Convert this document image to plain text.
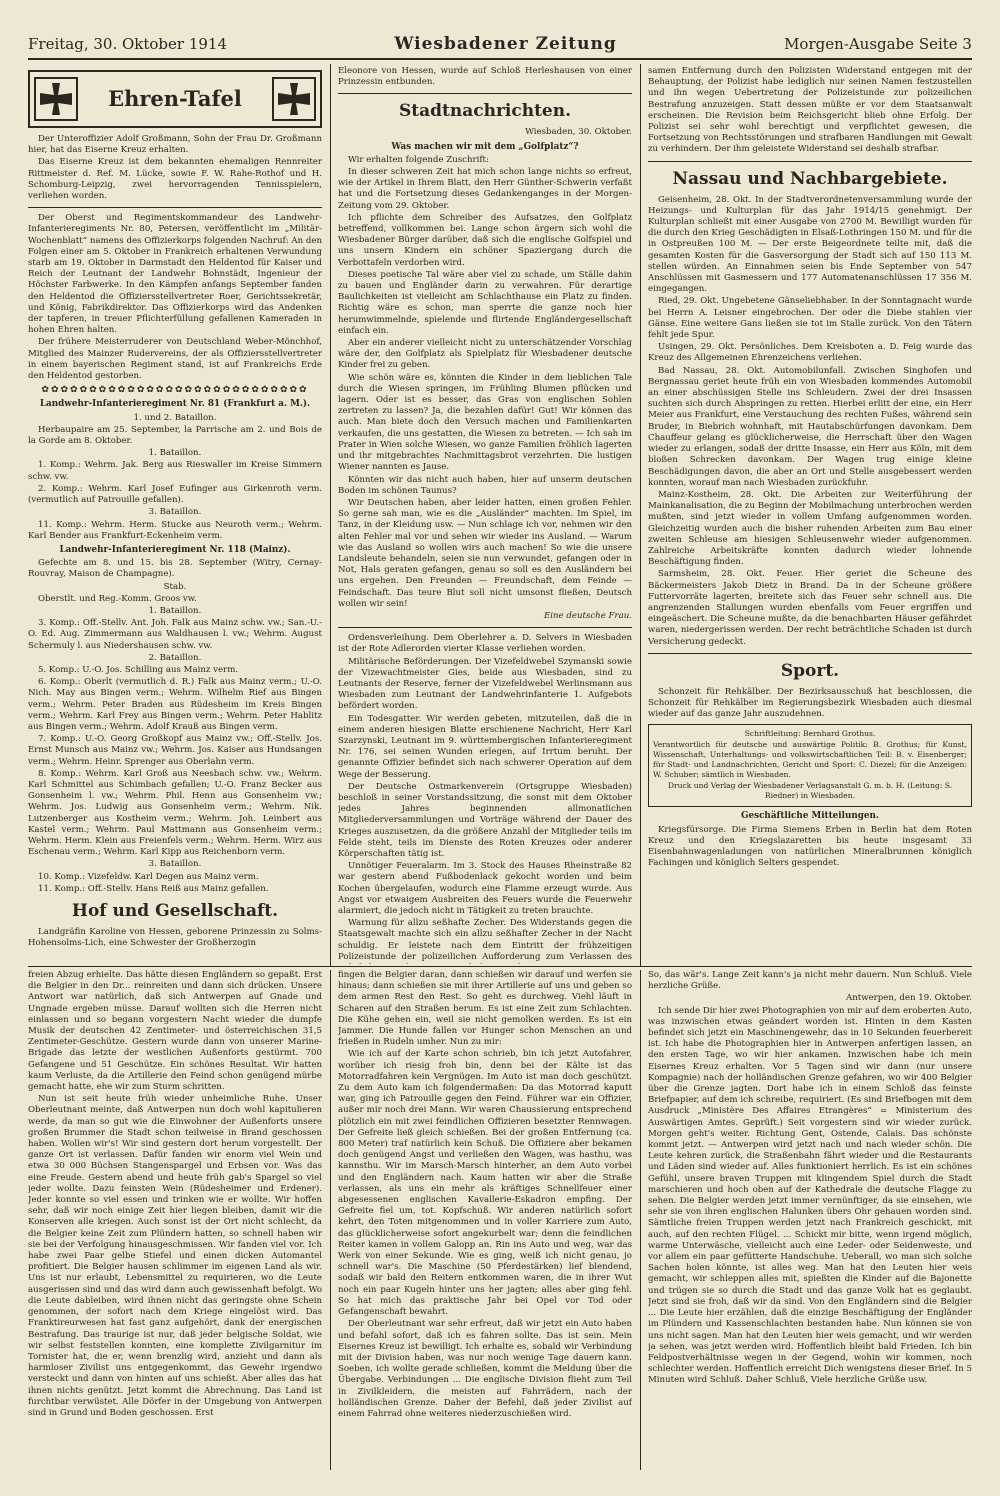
Freitag, 30. Oktober 1914	Wiesbadener Zeitung	Morgen-Ausgabe Seite 3
Ehren-Tafel

Der Unteroffizier Adolf Großmann, Sohn der Frau Dr. Großmann hier, hat das Eiserne Kreuz erhalten.

Das Eiserne Kreuz ist dem bekannten ehemaligen Rennreiter Rittmeister d. Ref. M. Lücke, sowie F. W. Rahe-Rothof und H. Schomburg-Leipzig, zwei hervorragenden Tennisspielern, verliehen worden.

Der Oberst und Regimentskommandeur des Landwehr-Infanterieregiments Nr. 80, Petersen, veröffentlicht im „Militär-Wochenblatt“ namens des Offizierkorps folgenden Nachruf: An den Folgen einer am 5. Oktober in Frankreich erhaltenen Verwundung starb am 19. Oktober in Darmstadt den Heldentod für Kaiser und Reich der Leutnant der Landwehr Bohnstädt, Ingenieur der Höchster Farbwerke. In den Kämpfen anfangs September fanden den Heldentod die Offiziersstellvertreter Roer, Gerichtssekretär, und König, Fabrikdirektor. Das Offizierkorps wird das Andenken der tapferen, in treuer Pflichterfüllung gefallenen Kameraden in hohen Ehren halten.

Der frühere Meisterruderer von Deutschland Weber-Mönchhof, Mitglied des Mainzer Rudervereins, der als Offiziersstellvertreter in einem bayerischen Regiment stand, ist auf Frankreichs Erde den Heldentod gestorben.

✿✿✿✿✿✿✿✿✿✿✿✿✿✿✿✿✿✿✿✿✿✿✿✿✿✿✿✿
Landwehr-Infanterieregiment Nr. 81 (Frankfurt a. M.).

1. und 2. Bataillon.

Herbaupaire am 25. September, la Parrische am 2. und Bois de la Gorde am 8. Oktober.

1. Bataillon.

1. Komp.: Wehrm. Jak. Berg aus Rieswaller im Kreise Simmern schw. vw.

2. Komp.: Wehrm. Karl Josef Eufinger aus Girkenroth verm. (vermutlich auf Patrouille gefallen).

3. Bataillon.

11. Komp.: Wehrm. Herm. Stucke aus Neuroth verm.; Wehrm. Karl Bender aus Frankfurt-Eckenheim verm.

Landwehr-Infanterieregiment Nr. 118 (Mainz).

Gefechte am 8. und 15. bis 28. September (Witry, Cernay-Rouvray, Maison de Champagne).

Stab.

Oberstlt. und Reg.-Komm. Groos vw.

1. Bataillon.

3. Komp.: Off.-Stellv. Ant. Joh. Falk aus Mainz schw. vw.; San.-U.-O. Ed. Aug. Zimmermann aus Waldhausen l. vw.; Wehrm. August Schermuly l. aus Niedershausen schw. vw.

2. Bataillon.

5. Komp.: U.-O. Jos. Schilling aus Mainz verm.

6. Komp.: Oberlt (vermutlich d. R.) Falk aus Mainz verm.; U.-O. Nich. May aus Bingen verm.; Wehrm. Wilhelm Rief aus Bingen verm.; Wehrm. Peter Braden aus Rüdesheim im Kreis Bingen verm.; Wehrm. Karl Frey aus Bingen verm.; Wehrm. Peter Hablitz aus Bingen verm.; Wehrm. Adolf Krauß aus Bingen verm.

7. Komp.: U.-O. Georg Großkopf aus Mainz vw.; Off.-Stellv. Jos. Ernst Munsch aus Mainz vw.; Wehrm. Jos. Kaiser aus Hundsangen verm.; Wehrm. Heinr. Sprenger aus Oberlahn verm.

8. Komp.: Wehrm. Karl Groß aus Neesbach schw. vw.; Wehrm. Karl Schmittel aus Schimbach gefallen; U.-O. Franz Becker aus Gonsenheim l. vw.; Wehrm. Phil. Henn aus Gonsenheim vw.; Wehrm. Jos. Ludwig aus Gonsenheim verm.; Wehrm. Nik. Lutzenberger aus Kostheim verm.; Wehrm. Joh. Leinbert aus Kastel verm.; Wehrm. Paul Mattmann aus Gonsenheim verm.; Wehrm. Herm. Klein aus Freienfels verm.; Wehrm. Herm. Wirz aus Eschenau verm.; Wehrm. Karl Kipp aus Reichenborn verm.

3. Bataillon.

10. Komp.: Vizefeldw. Karl Degen aus Mainz verm.

11. Komp.: Off.-Stellv. Hans Reiß aus Mainz gefallen.

Hof und Gesellschaft.

Landgräfin Karoline von Hessen, geborene Prinzessin zu Solms-Hohensolms-Lich, eine Schwester der Großherzogin

Eleonore von Hessen, wurde auf Schloß Herleshausen von einer Prinzessin entbunden.

Stadtnachrichten.

Wiesbaden, 30. Oktober.

Was machen wir mit dem „Golfplatz“?

Wir erhalten folgende Zuschrift:

In dieser schweren Zeit hat mich schon lange nichts so erfreut, wie der Artikel in Ihrem Blatt, den Herr Günther-Schwerin verfaßt hat und die Fortsetzung dieses Gedankenganges in der Morgen-Zeitung vom 29. Oktober.

Ich pflichte dem Schreiber des Aufsatzes, den Golfplatz betreffend, vollkommen bei. Lange schon ärgern sich wohl die Wiesbadener Bürger darüber, daß sich die englische Golfspiel und uns unsern Kindern ein schöner Spaziergang durch die Verbottafeln verdorben wird.

Dieses poetische Tal wäre aber viel zu schade, um Ställe dahin zu bauen und Engländer darin zu verwahren. Für derartige Baulichkeiten ist vielleicht am Schlachthause ein Platz zu finden. Richtig wäre es schon, man sperrte die ganze noch hier herumwimmelnde, spielende und flirtende Engländergesellschaft einfach ein.

Aber ein anderer vielleicht nicht zu unterschätzender Vorschlag wäre der, den Golfplatz als Spielplatz für Wiesbadener deutsche Kinder frei zu geben.

Wie schön wäre es, könnten die Kinder in dem lieblichen Tale durch die Wiesen springen, im Frühling Blumen pflücken und lagern. Oder ist es besser, das Gras von englischen Sohlen zertreten zu lassen? Ja, die bezahlen dafür! Gut! Wir können das auch. Man biete doch den Versuch machen und Familienkarten verkaufen, die uns gestatten, die Wiesen zu betreten. — Ich sah im Prater in Wien solche Wiesen, wo ganze Familien fröhlich lagerten und ihr mitgebrachtes Nachmittagsbrot verzehrten. Die lustigen Wiener nannten es Jause.

Könnten wir das nicht auch haben, hier auf unserm deutschen Boden im schönen Taunus?

Wir Deutschen haben, aber leider hatten, einen großen Fehler. So gerne sah man, wie es die „Ausländer“ machten. Im Spiel, im Tanz, in der Kleidung usw. — Nun schlage ich vor, nehmen wir den alten Fehler mal vor und sehen wir wieder ins Ausland. — Warum wie das Ausland so wollen wirs auch machen! So wie die unsere Landsleute behandeln, seien sie nun verwundet, gefangen oder in Not, Hals geraten gefangen, genau so soll es den Ausländern bei uns ergehen. Den Freunden — Freundschaft, dem Feinde — Feindschaft. Das teure Blut soll nicht umsonst fließen, Deutsch wollen wir sein!

Eine deutsche Frau.

Ordensverleihung. Dem Oberlehrer a. D. Selvers in Wiesbaden ist der Rote Adlerorden vierter Klasse verliehen worden.

Militärische Beförderungen. Der Vizefeldwebel Szymanski sowie der Vizewachtmeister Gies, beide aus Wiesbaden, sind zu Leutnants der Reserve, ferner der Vizefeldwebel Werlinsmann aus Wiesbaden zum Leutnant der Landwehrinfanterie 1. Aufgebots befördert worden.

Ein Todesgatter. Wir werden gebeten, mitzuteilen, daß die in einem anderen hiesigen Blatte erschienene Nachricht, Herr Karl Szarzynski, Leutnant im 9. württembergischen Infanterieregiment Nr. 176, sei seinen Wunden erlegen, auf Irrtum beruht. Der genannte Offizier befindet sich nach schwerer Operation auf dem Wege der Besserung.

Der Deutsche Ostmarkenverein (Ortsgruppe Wiesbaden) beschloß in seiner Vorstandssitzung, die sonst mit dem Oktober jedes Jahres beginnenden allmonatlichen Mitgliederversammlungen und Vorträge während der Dauer des Krieges auszusetzen, da die größere Anzahl der Mitglieder teils im Felde steht, teils im Dienste des Roten Kreuzes oder anderer Körperschaften tätig ist.

Unnötiger Feueralarm. Im 3. Stock des Hauses Rheinstraße 82 war gestern abend Fußbodenlack gekocht worden und beim Kochen übergelaufen, wodurch eine Flamme erzeugt wurde. Aus Angst vor etwaigem Ausbreiten des Feuers wurde die Feuerwehr alarmiert, die jedoch nicht in Tätigkeit zu treten brauchte.

Warnung für allzu seßhafte Zecher. Des Widerstands gegen die Staatsgewalt machte sich ein allzu seßhafter Zecher in der Nacht schuldig. Er leistete nach dem Eintritt der frühzeitigen Polizeistunde der polizeilichen Aufforderung zum Verlassen des

samen Entfernung durch den Polizisten Widerstand entgegen mit der Behauptung, der Polizist habe lediglich nur seinen Namen festzustellen und ihn wegen Uebertretung der Polizeistunde zur polizeilichen Bestrafung anzuzeigen. Statt dessen müßte er vor dem Staatsanwalt erscheinen. Die Revision beim Reichsgericht blieb ohne Erfolg. Der Polizist sei sehr wohl berechtigt und verpflichtet gewesen, die Fortsetzung von Rechtsstörungen und strafbaren Handlungen mit Gewalt zu verhindern. Der ihm geleistete Widerstand sei deshalb strafbar.

Nassau und Nachbargebiete.

Geisenheim, 28. Okt. In der Stadtverordnetenversammlung wurde der Heizungs- und Kulturplan für das Jahr 1914/15 genehmigt. Der Kulturplan schließt mit einer Ausgabe von 2700 M. Bewilligt wurden für die durch den Krieg Geschädigten in Elsaß-Lothringen 150 M. und für die in Ostpreußen 100 M. — Der erste Beigeordnete teilte mit, daß die gesamten Kosten für die Gasversorgung der Stadt sich auf 150 113 M. stellen würden. An Einnahmen seien bis Ende September von 547 Anschlüssen mit Gasmessern und 177 Automatenanschlüssen 17 356 M. eingegangen.

Ried, 29. Okt. Ungebetene Gänseliebhaber. In der Sonntagnacht wurde bei Herrn A. Leisner eingebrochen. Der oder die Diebe stahlen vier Gänse. Eine weitere Gans ließen sie tot im Stalle zurück. Von den Tätern fehlt jede Spur.

Usingen, 29. Okt. Persönliches. Dem Kreisboten a. D. Feig wurde das Kreuz des Allgemeinen Ehrenzeichens verliehen.

Bad Nassau, 28. Okt. Automobilunfall. Zwischen Singhofen und Bergnassau geriet heute früh ein von Wiesbaden kommendes Automobil an einer abschüssigen Stelle ins Schleudern. Zwei der drei Insassen suchten sich durch Abspringen zu retten. Hierbei erlitt der eine, ein Herr Meier aus Frankfurt, eine Verstauchung des rechten Fußes, während sein Bruder, in Biebrich wohnhaft, mit Hautabschürfungen davonkam. Dem Chauffeur gelang es glücklicherweise, die Herrschaft über den Wagen wieder zu erlangen, sodaß der dritte Insasse, ein Herr aus Köln, mit dem bloßen Schrecken davonkam. Der Wagen trug einige kleine Beschädigungen davon, die aber an Ort und Stelle ausgebessert werden konnten, worauf man nach Wiesbaden zurückfuhr.

Mainz-Kostheim, 28. Okt. Die Arbeiten zur Weiterführung der Mainkanalisation, die zu Beginn der Mobilmachung unterbrochen werden mußten, sind jetzt wieder in vollem Umfang aufgenommen worden. Gleichzeitig wurden auch die bisher ruhenden Arbeiten zum Bau einer zweiten Schleuse am hiesigen Schleusenwehr wieder aufgenommen. Zahlreiche Arbeitskräfte konnten dadurch wieder lohnende Beschäftigung finden.

Sarmsheim, 28. Okt. Feuer. Hier geriet die Scheune des Bäckermeisters Jakob Dietz in Brand. Da in der Scheune größere Futtervorräte lagerten, breitete sich das Feuer sehr schnell aus. Die angrenzenden Stallungen wurden ebenfalls vom Feuer ergriffen und eingeäschert. Die Scheune mußte, da die benachbarten Häuser gefährdet waren, niedergerissen werden. Der recht beträchtliche Schaden ist durch Versicherung gedeckt.

Sport.

Schonzeit für Rehkälber. Der Bezirksausschuß hat beschlossen, die Schonzeit für Rehkälber im Regierungsbezirk Wiesbaden auch diesmal wieder auf das ganze Jahr auszudehnen.

Schriftleitung: Bernhard Grothus.

Verantwortlich für deutsche und auswärtige Politik: B. Grothus; für Kunst, Wissenschaft, Unterhaltungs- und volkswirtschaftlichen Teil: B. v. Eisenberger; für Stadt- und Landnachrichten, Gericht und Sport: C. Diezel; für die Anzeigen: W. Schuber; sämtlich in Wiesbaden.

Druck und Verlag der Wiesbadener Verlagsanstalt G. m. b. H. (Leitung: S. Riedner) in Wiesbaden.

Geschäftliche Mitteilungen.

Kriegsfürsorge. Die Firma Siemens Erben in Berlin hat dem Roten Kreuz und den Kriegslazaretten bis heute insgesamt 33 Eisenbahnwagenladungen von natürlichen Mineralbrunnen königlich Fachingen und königlich Selters gespendet.

freien Abzug erhielte. Das hätte diesen Engländern so gepaßt. Erst die Belgier in den Dr... reinreiten und dann sich drücken. Unsere Antwort war natürlich, daß sich Antwerpen auf Gnade und Ungnade ergeben müsse. Darauf wollten sich die Herren nicht einlassen und so begann vorgestern Nacht wieder die dumpfe Musik der deutschen 42 Zentimeter- und österreichischen 31,5 Zentimeter-Geschütze. Gestern wurde dann von unserer Marine-Brigade das letzte der westlichen Außenforts gestürmt. 700 Gefangene und 51 Geschütze. Ein schönes Resultat. Wir hatten kaum Verluste, da die Artillerie den Feind schon genügend mürbe gemacht hatte, ehe wir zum Sturm schritten.

Nun ist seit heute früh wieder unheimliche Ruhe. Unser Oberleutnant meinte, daß Antwerpen nun doch wohl kapitulieren werde, da man so gut wie die Einwohner der Außenforts unsere großen Brummer die Stadt schon teilweise in Brand geschossen haben. Wollen wir's! Wir sind gestern dort herum vorgestellt. Der ganze Ort ist verlassen. Dafür fanden wir enorm viel Wein und etwa 30 000 Büchsen Stangenspargel und Erbsen vor. Was das eine Freude. Gestern abend und heute früh gab's Spargel so viel jeder wollte. Dazu feinsten Wein (Rüdesheimer und Erdener). Jeder konnte so viel essen und trinken wie er wollte. Wir hoffen sehr, daß wir noch einige Zeit hier liegen bleiben, damit wir die Konserven alle kriegen. Auch sonst ist der Ort nicht schlecht, da die Belgier keine Zeit zum Plündern hatten, so schnell haben wir sie bei der Verfolgung hinausgeschmissen. Wir fanden viel vor. Ich habe zwei Paar gelbe Stiefel und einen dicken Automantel profitiert. Die Belgier hausen schlimmer im eigenen Land als wir. Uns ist nur erlaubt, Lebensmittel zu requirieren, wo die Leute ausgerissen sind und das wird dann auch gewissenhaft befolgt. Wo die Leute dableiben, wird ihnen nicht das geringste ohne Schein genommen, der sofort nach dem Kriege eingelöst wird. Das Franktireurwesen hat fast ganz aufgehört, dank der energischen Bestrafung. Das traurige ist nur, daß jeder belgische Soldat, wie wir selbst feststellen konnten, eine komplette Zivilgarnitur im Tornister hat, die er, wenn brenzlig wird, anzieht und dann als harmloser Zivilist uns entgegenkommt, das Gewehr irgendwo versteckt und dann von hinten auf uns schießt. Aber alles das hat ihnen nichts genützt. Jetzt kommt die Abrechnung. Das Land ist furchtbar verwüstet. Alle Dörfer in der Umgebung von Antwerpen sind in Grund und Boden geschossen. Erst

fingen die Belgier daran, dann schießen wir darauf und werfen sie hinaus; dann schießen sie mit ihrer Artillerie auf uns und geben so dem armen Rest den Rest. So geht es durchweg. Viehl läuft in Scharen auf den Straßen herum. Es ist eine Zeit zum Schlachten. Die Kühe gehen ein, weil sie nicht gemolken werden. Es ist ein Jammer. Die Hunde fallen vor Hunger schon Menschen an und frießen in Rudeln umher. Nun zu mir:

Wie ich auf der Karte schon schrieb, bin ich jetzt Autofahrer, worüber ich riesig froh bin, denn bei der Kälte ist das Motorradfahren kein Vergnügen. Im Auto ist man doch geschützt. Zu dem Auto kam ich folgendermaßen: Da das Motorrad kaputt war, ging ich Patrouille gegen den Feind. Führer war ein Offizier, außer mir noch drei Mann. Wir waren Chaussierung entsprechend plötzlich ein mit zwei feindlichen Offizieren besetzter Rennwagen. Der Gefreite ließ gleich schießen. Bei der großen Entfernung (ca. 800 Meter) traf natürlich kein Schuß. Die Offiziere aber bekamen doch genügend Angst und verließen den Wagen, was hasthu, was kannsthu. Wir im Marsch-Marsch hinterher, an dem Auto vorbei und den Engländern nach. Kaum hatten wir aber die Straße verlassen, als uns ein mehr als kräftiges Schnellfeuer einer abgesessenen englischen Kavallerie-Eskadron empfing. Der Gefreite fiel um, tot. Kopfschuß. Wir anderen natürlich sofort kehrt, den Toten mitgenommen und in voller Karriere zum Auto, das glücklicherweise sofort angekurbelt war; denn die feindlichen Reiter kamen in vollem Galopp an. Rin ins Auto und weg, war das Werk von einer Sekunde. Wie es ging, weiß ich nicht genau, jo schnell war's. Die Maschine (50 Pferdestärken) lief blendend, sodaß wir bald den Reitern entkommen waren, die in ihrer Wut noch ein paar Kugeln hinter uns her jagten; alles aber ging fehl. So hat mich das praktische Jahr bei Opel vor Tod oder Gefangenschaft bewahrt.

Der Oberleutnant war sehr erfreut, daß wir jetzt ein Auto haben und befahl sofort, daß ich es fahren sollte. Das ist sein. Mein Eisernes Kreuz ist bewilligt. Ich erhalte es, sobald wir Verbindung mit der Division haben, was nur noch wenige Tage dauern kann. Soeben, ich wollte gerade schließen, kommt die Meldung über die Übergabe. Verbindungen ... Die englische Division flieht zum Teil in Zivilkleidern, die meisten auf Fahrrädern, nach der holländischen Grenze. Daher der Befehl, daß jeder Zivilist auf einem Fahrrad ohne weiteres niederzuschießen wird.

So, das wär's. Lange Zeit kann's ja nicht mehr dauern. Nun Schluß. Viele herzliche Grüße.

Antwerpen, den 19. Oktober.

Ich sende Dir hier zwei Photographien von mir auf dem eroberten Auto, was inzwischen etwas geändert worden ist. Hinten in dem Kasten befindet sich jetzt ein Maschinengewehr, das in 10 Sekunden feuerbereit ist. Ich habe die Photographien hier in Antwerpen anfertigen lassen, an den ersten Tage, wo wir hier ankamen. Inzwischen habe ich mein Eisernes Kreuz erhalten. Vor 5 Tagen sind wir dann (nur unsere Kompagnie) nach der holländischen Grenze gefahren, wo wir 400 Belgier über die Grenze jagten. Dort habe ich in einem Schloß das feinste Briefpapier, auf dem ich schreibe, requiriert. (Es sind Briefbogen mit dem Ausdruck „Ministère Des Affaires Etrangères“ = Ministerium des Auswärtigen Amtes. Geprüft.) Seit vorgestern sind wir wieder zurück. Morgen geht's weiter. Richtung Gent, Ostende, Calais. Das schönste kommt jetzt. — Antwerpen wird jetzt nach und nach wieder schön. Die Leute kehren zurück, die Straßenbahn fährt wieder und die Restaurants und Läden sind wieder auf. Alles funktioniert herrlich. Es ist ein schönes Gefühl, unsere braven Truppen mit klingendem Spiel durch die Stadt marschieren und hoch oben auf der Kathedrale die deutsche Flagge zu sehen. Die Belgier werden jetzt immer vernünftiger, da sie einsehen, wie sehr sie von ihren englischen Halunken übers Ohr gehauen worden sind. Sämtliche freien Truppen werden jetzt nach Frankreich geschickt, mit auch, auf den rechten Flügel. ... Schickt mir bitte, wenn irgend möglich, warme Unterwäsche, vielleicht auch eine Leder- oder Seidenweste, und vor allem ein paar gefütterte Handschuhe. Ueberall, wo man sich solche Sachen holen könnte, ist alles weg. Man hat den Leuten hier weis gemacht, wir schleppen alles mit, spießten die Kinder auf die Bajonette und trügen sie so durch die Stadt und das ganze Volk hat es geglaubt. Jetzt sind sie froh, daß wir da sind. Von den Engländern sind die Belgier ... Die Leute hier erzählen, daß die einzige Beschäftigung der Engländer im Plündern und Kassenschlachten bestanden habe. Nun können sie von uns nicht sagen. Man hat den Leuten hier weis gemacht, und wir werden ja sehen, was jetzt werden wird. Hoffentlich bleibt bald Frieden. Ich bin Feldpostverhältnisse wegen in der Gegend, wohin wir kommen, noch schlechter werden. Hoffentlich erreicht Dich wenigstens dieser Brief. In 5 Minuten wird Schluß. Daher Schluß, Viele herzliche Grüße usw.
